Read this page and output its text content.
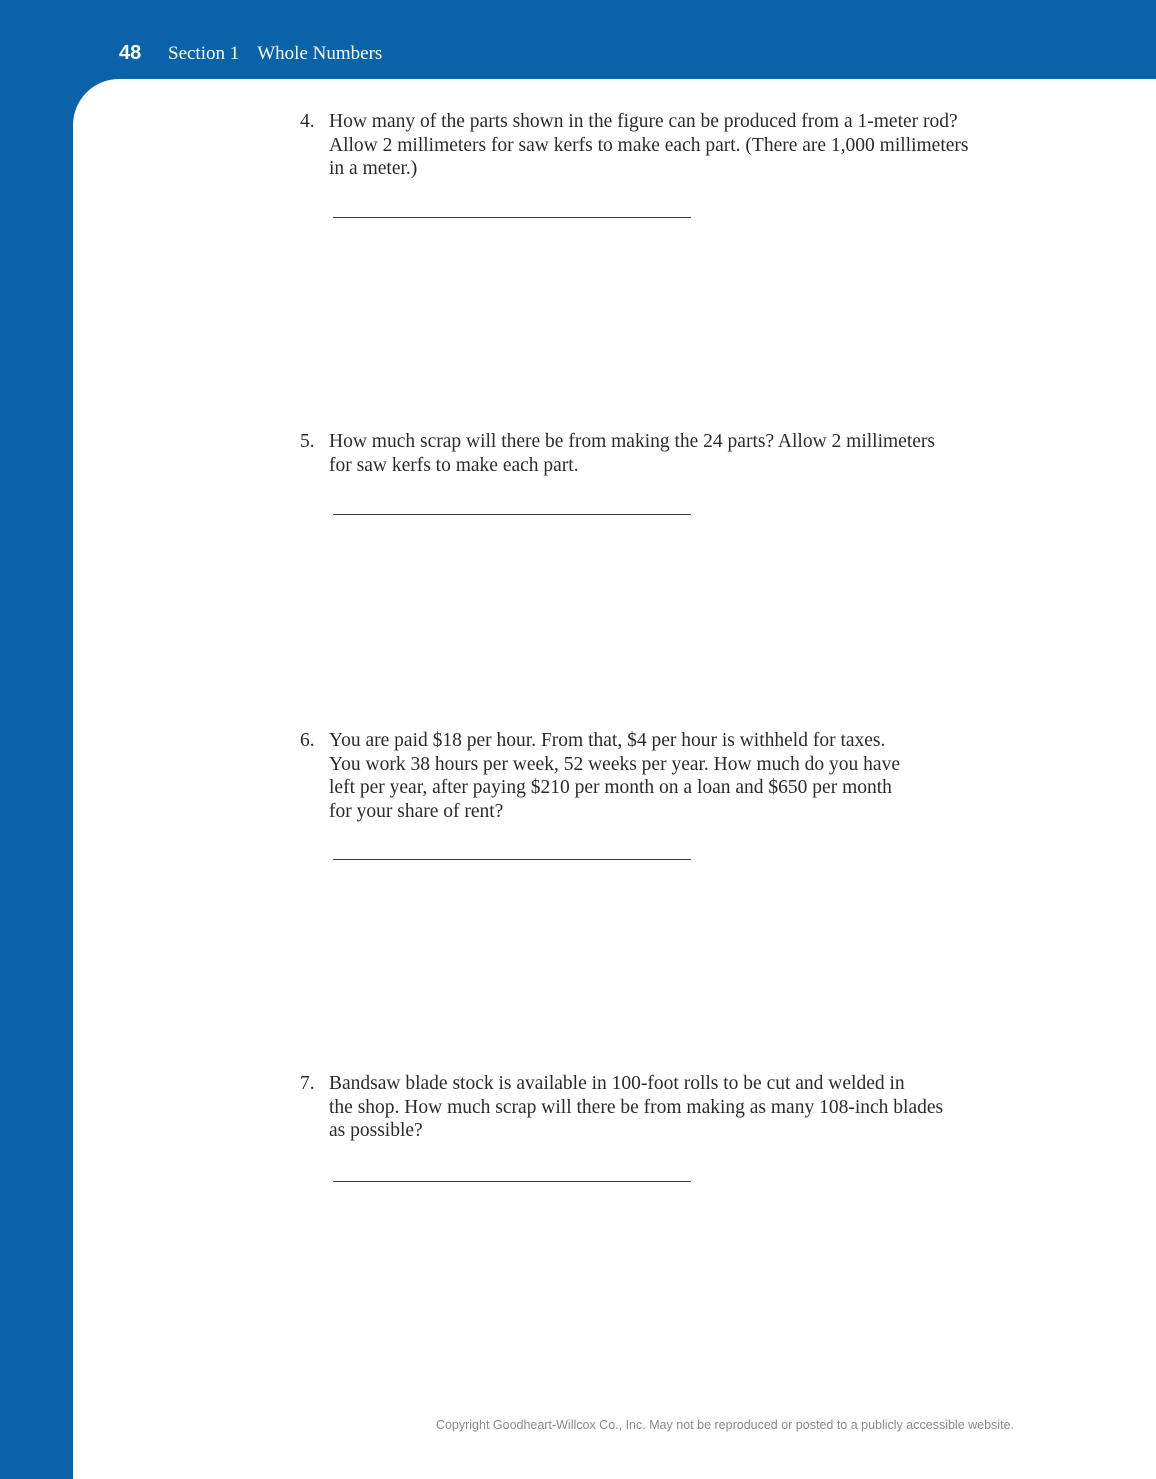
48 Section 1 Whole Numbers
4. How many of the parts shown in the figure can be produced from a 1-meter rod?
Allow 2 millimeters for saw kerfs to make each part. (There are 1,000 millimeters
in a meter.)
5. How much scrap will there be from making the 24 parts? Allow 2 millimeters
for saw kerfs to make each part.
6. You are paid $18 per hour. From that, $4 per hour is withheld for taxes.
You work 38 hours per week, 52 weeks per year. How much do you have
left per year, after paying $210 per month on a loan and $650 per month
for your share of rent?
7. Bandsaw blade stock is available in 100-foot rolls to be cut and welded in
the shop. How much scrap will there be from making as many 108-inch blades
as possible?
Copyright Goodheart-Willcox Co., Inc. May not be reproduced or posted to a publicly accessible website.
